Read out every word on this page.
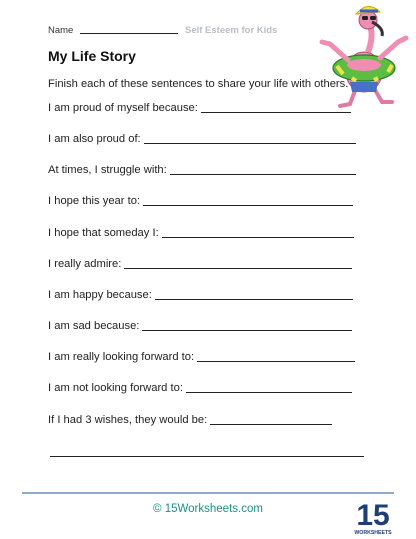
Name	Self Esteem for Kids
My Life Story
Finish each of these sentences to share your life with others.
I am proud of myself because:
I am also proud of:
At times, I struggle with:
I hope this year to:
I hope that someday I:
I really admire:
I am happy because:
I am sad because:
I am really looking forward to:
I am not looking forward to:
If I had 3 wishes, they would be:
© 15Worksheets.com	15
WORKSHEETS
